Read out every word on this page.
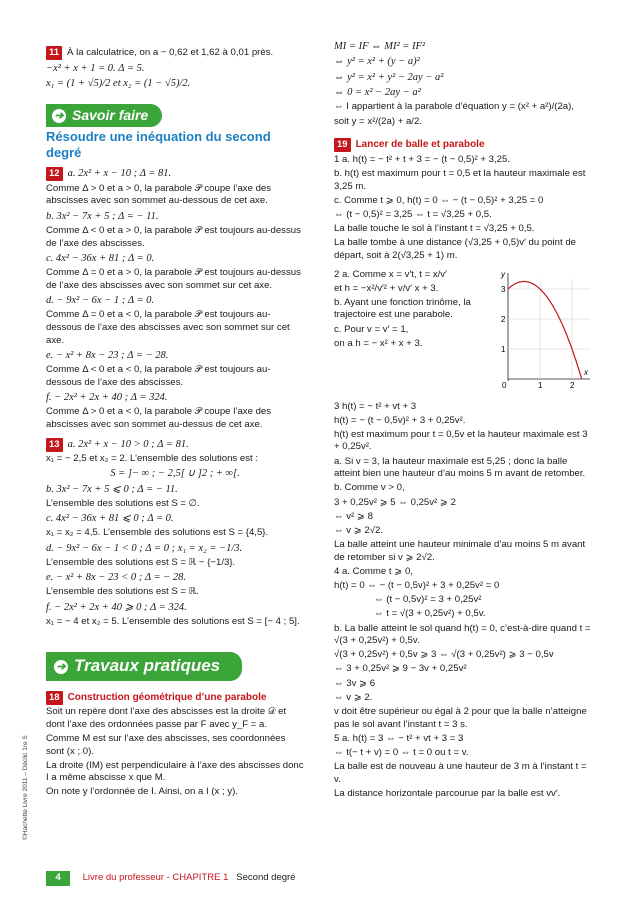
©Hachette Livre 2011 – Déclic 1re S

11 À la calculatrice, on a − 0,62 et 1,62 à 0,01 près.

−x² + x + 1 = 0. Δ = 5.

x₁ = (1 + √5)/2 et x₂ = (1 − √5)/2.

➔ Savoir faire
Résoudre une inéquation du second degré

12 a. 2x² + x − 10 ; Δ = 81.

Comme Δ > 0 et a > 0, la parabole 𝒫 coupe l’axe des abscisses avec son sommet au-dessous de cet axe.

b. 3x² − 7x + 5 ; Δ = − 11.

Comme Δ < 0 et a > 0, la parabole 𝒫 est toujours au-dessus de l’axe des abscisses.

c. 4x² − 36x + 81 ; Δ = 0.

Comme Δ = 0 et a > 0, la parabole 𝒫 est toujours au-dessus de l’axe des abscisses avec son sommet sur cet axe.

d. − 9x² − 6x − 1 ; Δ = 0.

Comme Δ = 0 et a < 0, la parabole 𝒫 est toujours au-dessous de l’axe des abscisses avec son sommet sur cet axe.

e. − x² + 8x − 23 ; Δ = − 28.

Comme Δ < 0 et a < 0, la parabole 𝒫 est toujours au-dessous de l’axe des abscisses.

f. − 2x² + 2x + 40 ; Δ = 324.

Comme Δ > 0 et a < 0, la parabole 𝒫 coupe l’axe des abscisses avec son sommet au-dessus de cet axe.

13 a. 2x² + x − 10 > 0 ; Δ = 81.

x₁ = − 2,5 et x₂ = 2. L’ensemble des solutions est :

S = ]− ∞ ; − 2,5[ ∪ ]2 ; + ∞[.

b. 3x² − 7x + 5 ⩽ 0 ; Δ = − 11.

L’ensemble des solutions est S = ∅.

c. 4x² − 36x + 81 ⩽ 0 ; Δ = 0.

x₁ = x₂ = 4,5. L’ensemble des solutions est S = {4,5}.

d. − 9x² − 6x − 1 < 0 ; Δ = 0 ; x₁ = x₂ = −1/3.

L’ensemble des solutions est S = ℝ − {−1/3}.

e. − x² + 8x − 23 < 0 ; Δ = − 28.

L’ensemble des solutions est S = ℝ.

f. − 2x² + 2x + 40 ⩾ 0 ; Δ = 324.

x₁ = − 4 et x₂ = 5. L’ensemble des solutions est S = [− 4 ; 5].

➔ Travaux pratiques

18 Construction géométrique d’une parabole

Soit un repère dont l’axe des abscisses est la droite 𝒟 et dont l’axe des ordonnées passe par F avec y_F = a.

Comme M est sur l’axe des abscisses, ses coordonnées sont (x ; 0).

La droite (IM) est perpendiculaire à l’axe des abscisses donc I a même abscisse x que M.

On note y l’ordonnée de I. Ainsi, on a I (x ; y).

MI = IF ⇔ MI² = IF²

⇔ y² = x² + (y − a)²

⇔ y² = x² + y² − 2ay − a²

⇔ 0 = x² − 2ay − a²

⇔ I appartient à la parabole d’équation y = (x² + a²)/(2a),

soit y = x²/(2a) + a/2.

19 Lancer de balle et parabole

1 a. h(t) = − t² + t + 3 = − (t − 0,5)² + 3,25.

b. h(t) est maximum pour t = 0,5 et la hauteur maximale est 3,25 m.

c. Comme t ⩾ 0, h(t) = 0 ⇔ − (t − 0,5)² + 3,25 = 0

⇔ (t − 0,5)² = 3,25 ⇔ t = √3,25 + 0,5.

La balle touche le sol à l’instant t = √3,25 + 0,5.

La balle tombe à une distance (√3,25 + 0,5)v′ du point de départ, soit à 2(√3,25 + 1) m.

2 a. Comme x = v′t, t = x/v′

et h = −x²/v′² + v/v′ x + 3.

b. Ayant une fonction trinôme, la trajectoire est une parabole.

c. Pour v = v′ = 1,

on a h = − x² + x + 3.

0	1	2
1
2
3
x
y

3 h(t) = − t² + vt + 3

h(t) = − (t − 0,5v)² + 3 + 0,25v².

h(t) est maximum pour t = 0,5v et la hauteur maximale est 3 + 0,25v².

a. Si v = 3, la hauteur maximale est 5,25 ; donc la balle atteint bien une hauteur d’au moins 5 m avant de retomber.

b. Comme v > 0,

3 + 0,25v² ⩾ 5 ⇔ 0,25v² ⩾ 2

⇔ v² ⩾ 8

⇔ v ⩾ 2√2.

La balle atteint une hauteur minimale d’au moins 5 m avant de retomber si v ⩾ 2√2.

4 a. Comme t ⩾ 0,

h(t) = 0 ⇔ − (t − 0,5v)² + 3 + 0,25v² = 0

⇔ (t − 0,5v)² = 3 + 0,25v²

⇔ t = √(3 + 0,25v²) + 0,5v.

b. La balle atteint le sol quand h(t) = 0, c’est-à-dire quand t = √(3 + 0,25v²) + 0,5v.

√(3 + 0,25v²) + 0,5v ⩾ 3 ⇔ √(3 + 0,25v²) ⩾ 3 − 0,5v

⇔ 3 + 0,25v² ⩾ 9 − 3v + 0,25v²

⇔ 3v ⩾ 6

⇔ v ⩾ 2.

v doit être supérieur ou égal à 2 pour que la balle n’atteigne pas le sol avant l’instant t = 3 s.

5 a. h(t) = 3 ⇔ − t² + vt + 3 = 3

⇔ t(− t + v) = 0 ⇔ t = 0 ou t = v.

La balle est de nouveau à une hauteur de 3 m à l’instant t = v.

La distance horizontale parcourue par la balle est vv′.

4 Livre du professeur - CHAPITRE 1 Second degré
